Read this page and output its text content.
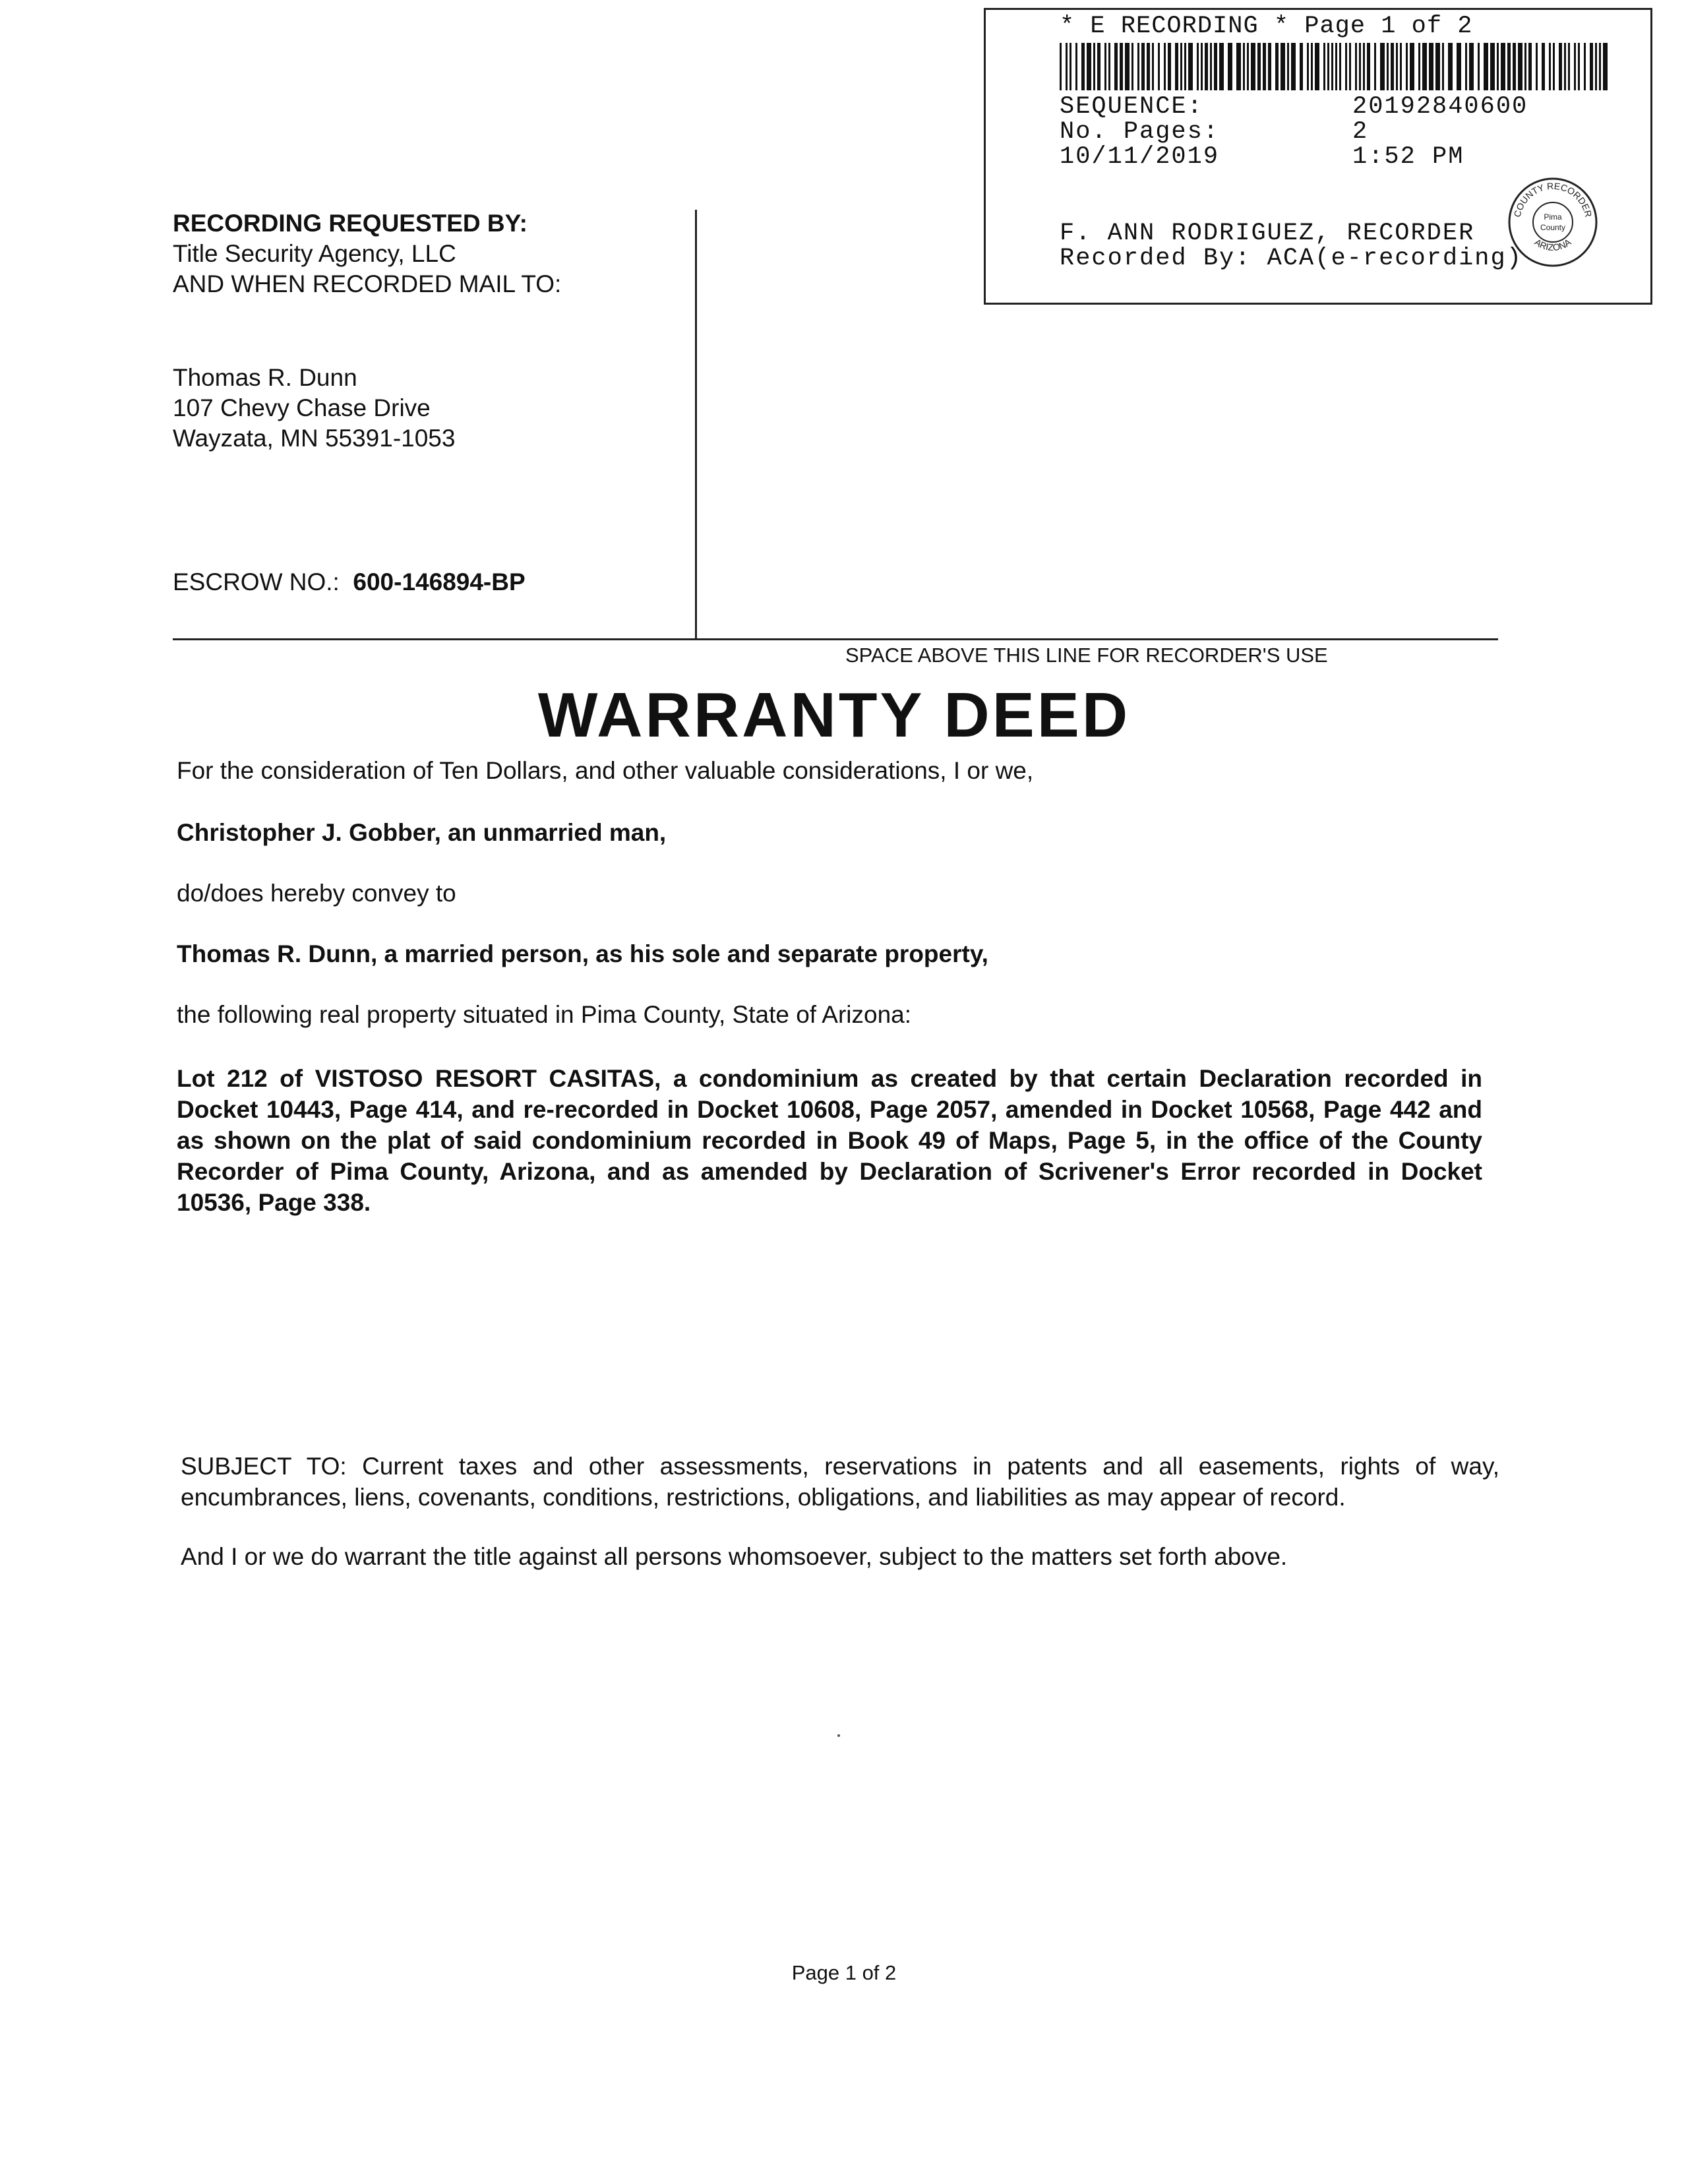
* E RECORDING * Page 1 of 2
SEQUENCE:	20192840600
No. Pages:	2
10/11/2019	1:52 PM
F. ANN RODRIGUEZ, RECORDER
Recorded By: ACA(e-recording)
COUNTY RECORDER
ARIZONA
Pima
County
RECORDING REQUESTED BY:
Title Security Agency, LLC
AND WHEN RECORDED MAIL TO:
Thomas R. Dunn
107 Chevy Chase Drive
Wayzata, MN 55391-1053
ESCROW NO.: 600-146894-BP
SPACE ABOVE THIS LINE FOR RECORDER'S USE
WARRANTY DEED
For the consideration of Ten Dollars, and other valuable considerations, I or we,
Christopher J. Gobber, an unmarried man,
do/does hereby convey to
Thomas R. Dunn, a married person, as his sole and separate property,
the following real property situated in Pima County, State of Arizona:
Lot 212 of VISTOSO RESORT CASITAS, a condominium as created by that certain Declaration recorded in Docket 10443, Page 414, and re-recorded in Docket 10608, Page 2057, amended in Docket 10568, Page 442 and as shown on the plat of said condominium recorded in Book 49 of Maps, Page 5, in the office of the County Recorder of Pima County, Arizona, and as amended by Declaration of Scrivener's Error recorded in Docket 10536, Page 338.
SUBJECT TO: Current taxes and other assessments, reservations in patents and all easements, rights of way, encumbrances, liens, covenants, conditions, restrictions, obligations, and liabilities as may appear of record.
And I or we do warrant the title against all persons whomsoever, subject to the matters set forth above.
Page 1 of 2
